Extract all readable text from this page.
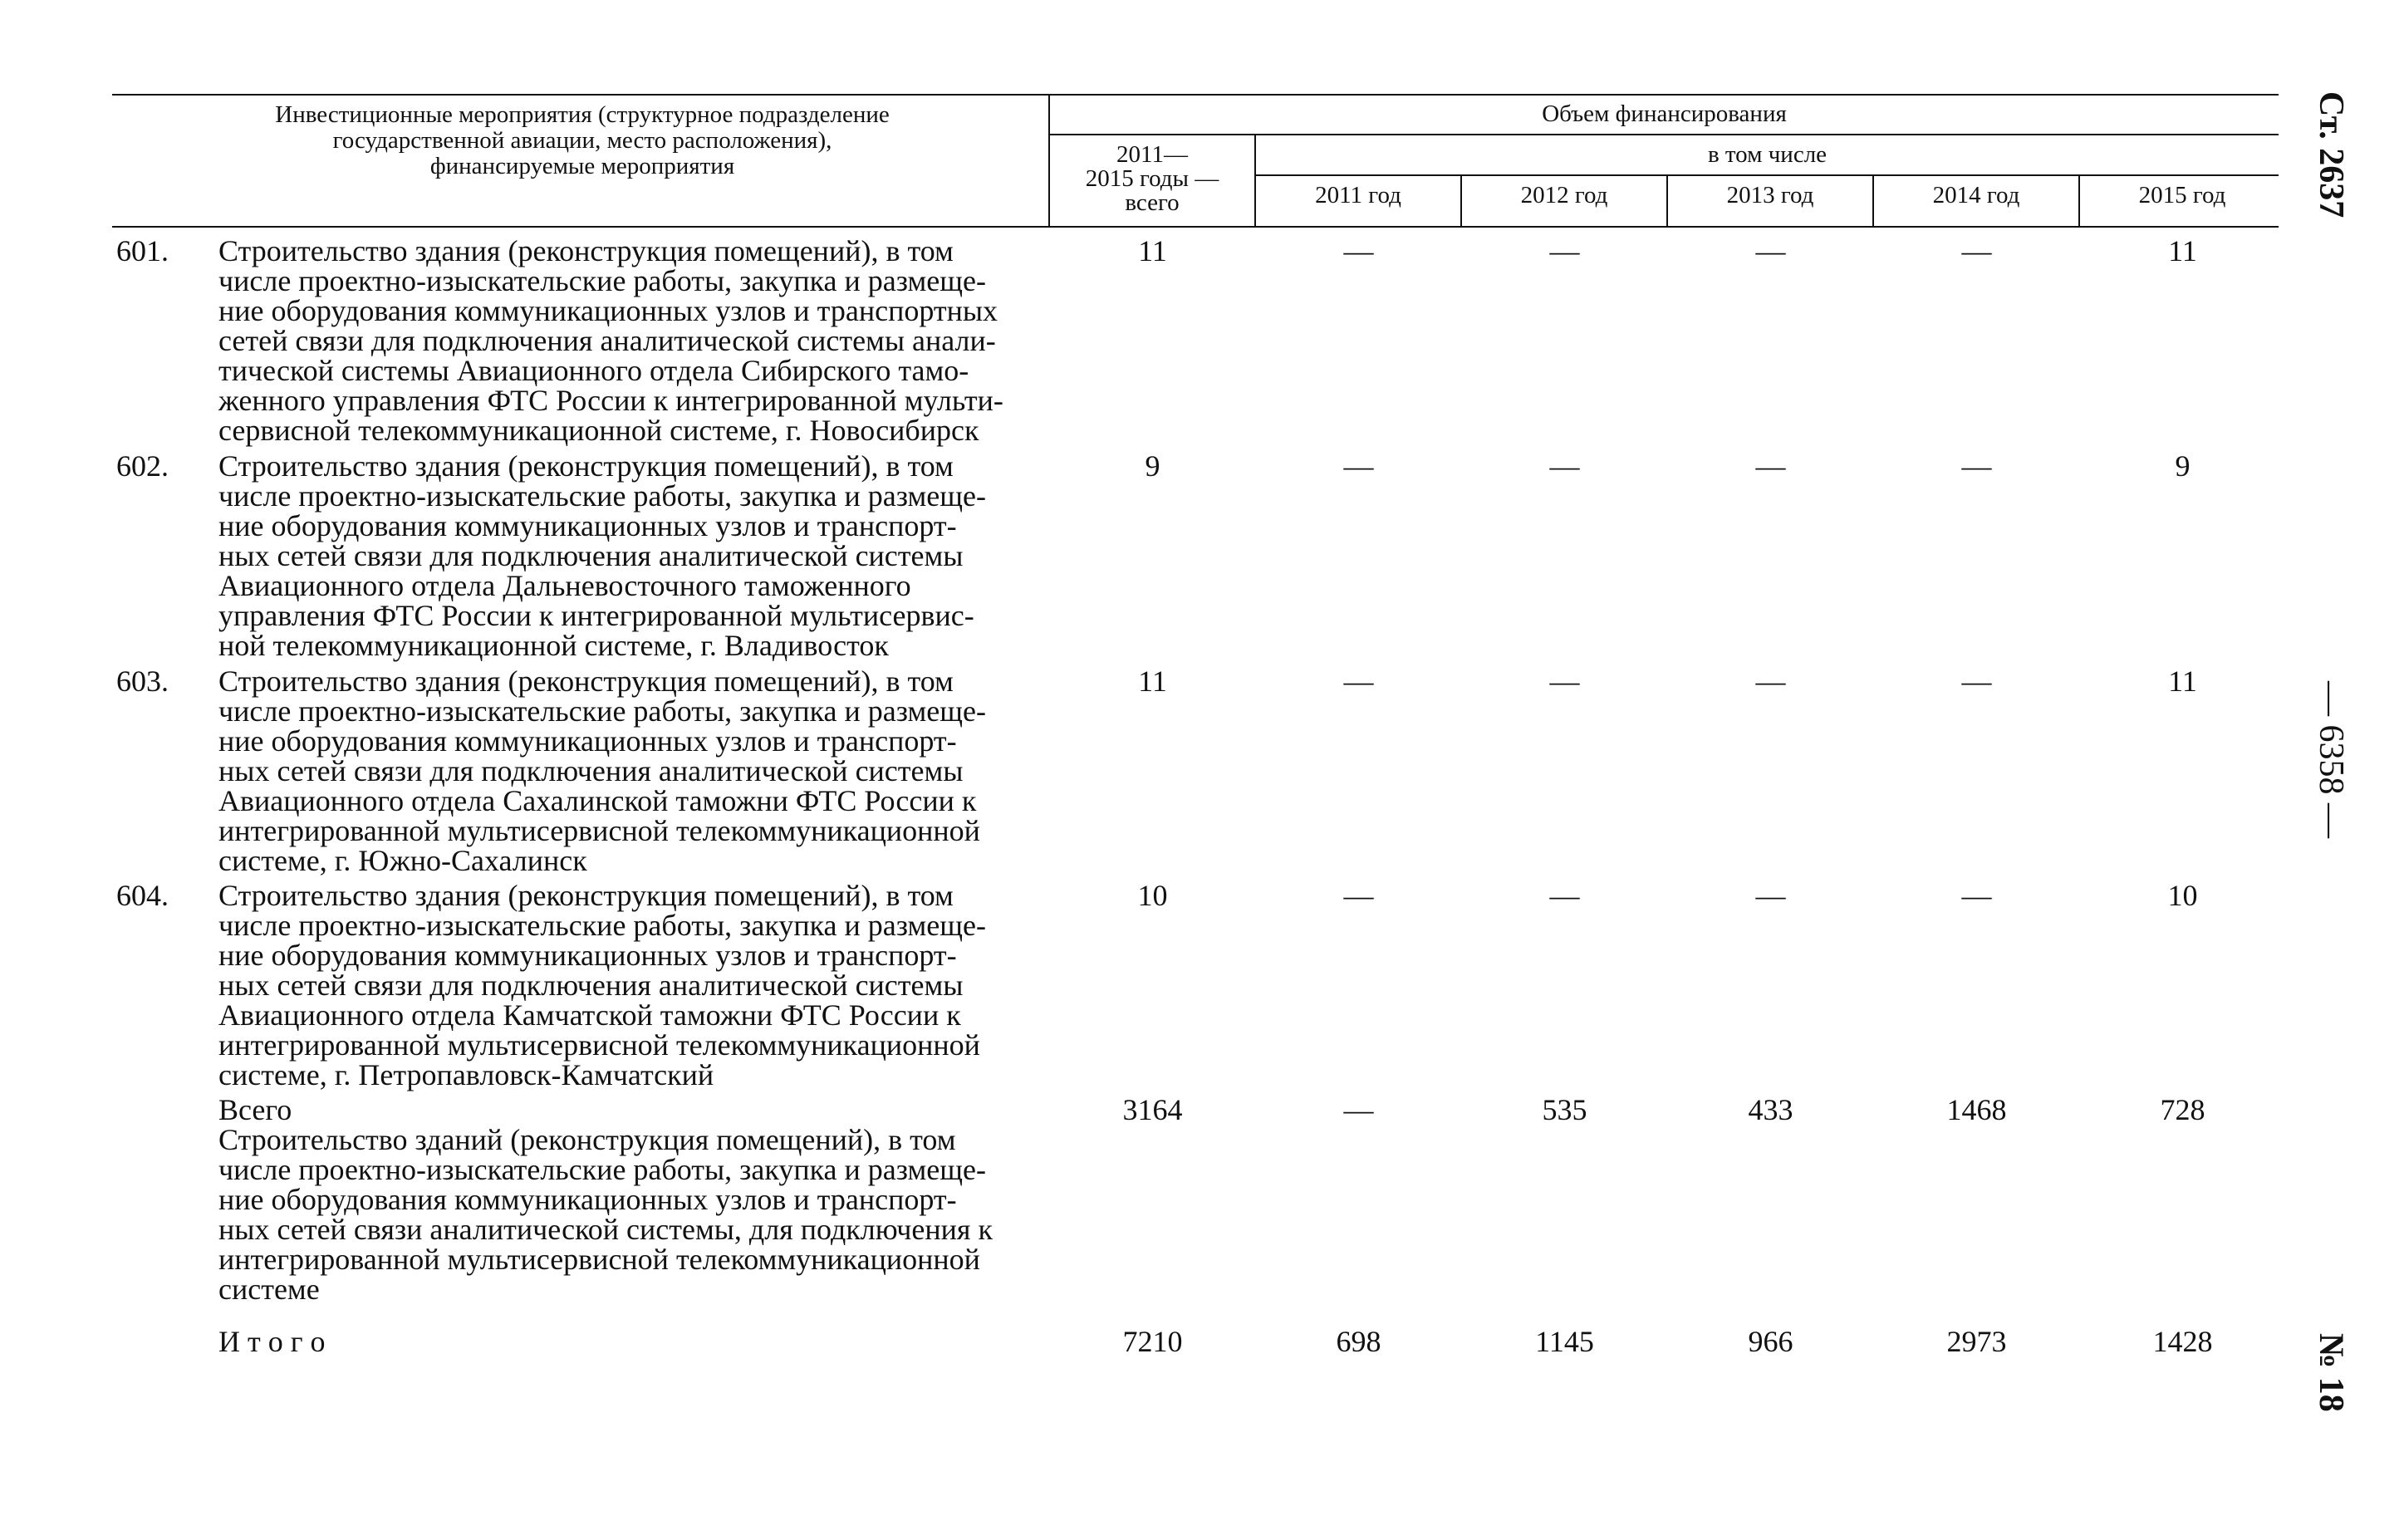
Инвестиционные мероприятия (структурное подразделение
государственной авиации, место расположения),
финансируемые мероприятия
Объем финансирования
2011—
2015 годы —
всего
в том числе
2011 год	2012 год	2013 год	2014 год	2015 год
601. Строительство здания (реконструкция помещений), в том
числе проектно-изыскательские работы, закупка и размеще-
ние оборудования коммуникационных узлов и транспортных
сетей связи для подключения аналитической системы анали-
тической системы Авиационного отдела Сибирского тамо-
женного управления ФТС России к интегрированной мульти-
сервисной телекоммуникационной системе, г. Новосибирск
11	—	—	—	—	11
602. Строительство здания (реконструкция помещений), в том
числе проектно-изыскательские работы, закупка и размеще-
ние оборудования коммуникационных узлов и транспорт-
ных сетей связи для подключения аналитической системы
Авиационного отдела Дальневосточного таможенного
управления ФТС России к интегрированной мультисервис-
ной телекоммуникационной системе, г. Владивосток
9	—	—	—	—	9
603. Строительство здания (реконструкция помещений), в том
числе проектно-изыскательские работы, закупка и размеще-
ние оборудования коммуникационных узлов и транспорт-
ных сетей связи для подключения аналитической системы
Авиационного отдела Сахалинской таможни ФТС России к
интегрированной мультисервисной телекоммуникационной
системе, г. Южно-Сахалинск
11	—	—	—	—	11
604. Строительство здания (реконструкция помещений), в том
числе проектно-изыскательские работы, закупка и размеще-
ние оборудования коммуникационных узлов и транспорт-
ных сетей связи для подключения аналитической системы
Авиационного отдела Камчатской таможни ФТС России к
интегрированной мультисервисной телекоммуникационной
системе, г. Петропавловск-Камчатский
10	—	—	—	—	10
Всего
Строительство зданий (реконструкция помещений), в том
числе проектно-изыскательские работы, закупка и размеще-
ние оборудования коммуникационных узлов и транспорт-
ных сетей связи аналитической системы, для подключения к
интегрированной мультисервисной телекоммуникационной
системе
3164	—	535	433	1468	728
И т о г о	7210	698	1145	966	2973	1428
Ст. 2637
— 6358 —
№ 18
